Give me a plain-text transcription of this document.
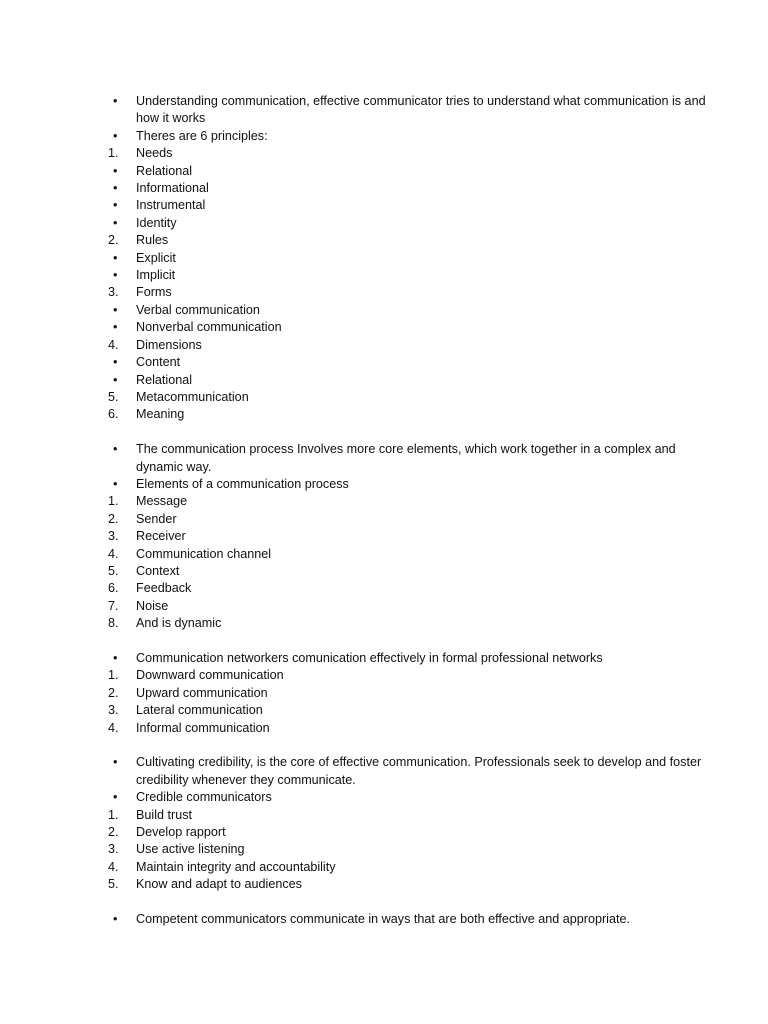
•	Understanding communication, effective communicator tries to understand what communication is and how it works
•	Theres are 6 principles:
1.	Needs
•	Relational
•	Informational
•	Instrumental
•	Identity
2.	Rules
•	Explicit
•	Implicit
3.	Forms
•	Verbal communication
•	Nonverbal communication
4.	Dimensions
•	Content
•	Relational
5.	Metacommunication
6.	Meaning
•	The communication process Involves more core elements, which work together in a complex and dynamic way.
•	Elements of a communication process
1.	Message
2.	Sender
3.	Receiver
4.	Communication channel
5.	Context
6.	Feedback
7.	Noise
8.	And is dynamic
•	Communication networkers comunication effectively in formal professional networks
1.	Downward communication
2.	Upward communication
3.	Lateral communication
4.	Informal communication
•	Cultivating credibility, is the core of effective communication. Professionals seek to develop and foster credibility whenever they communicate.
•	Credible communicators
1.	Build trust
2.	Develop rapport
3.	Use active listening
4.	Maintain integrity and accountability
5.	Know and adapt to audiences
•	Competent communicators communicate in ways that are both effective and appropriate.
